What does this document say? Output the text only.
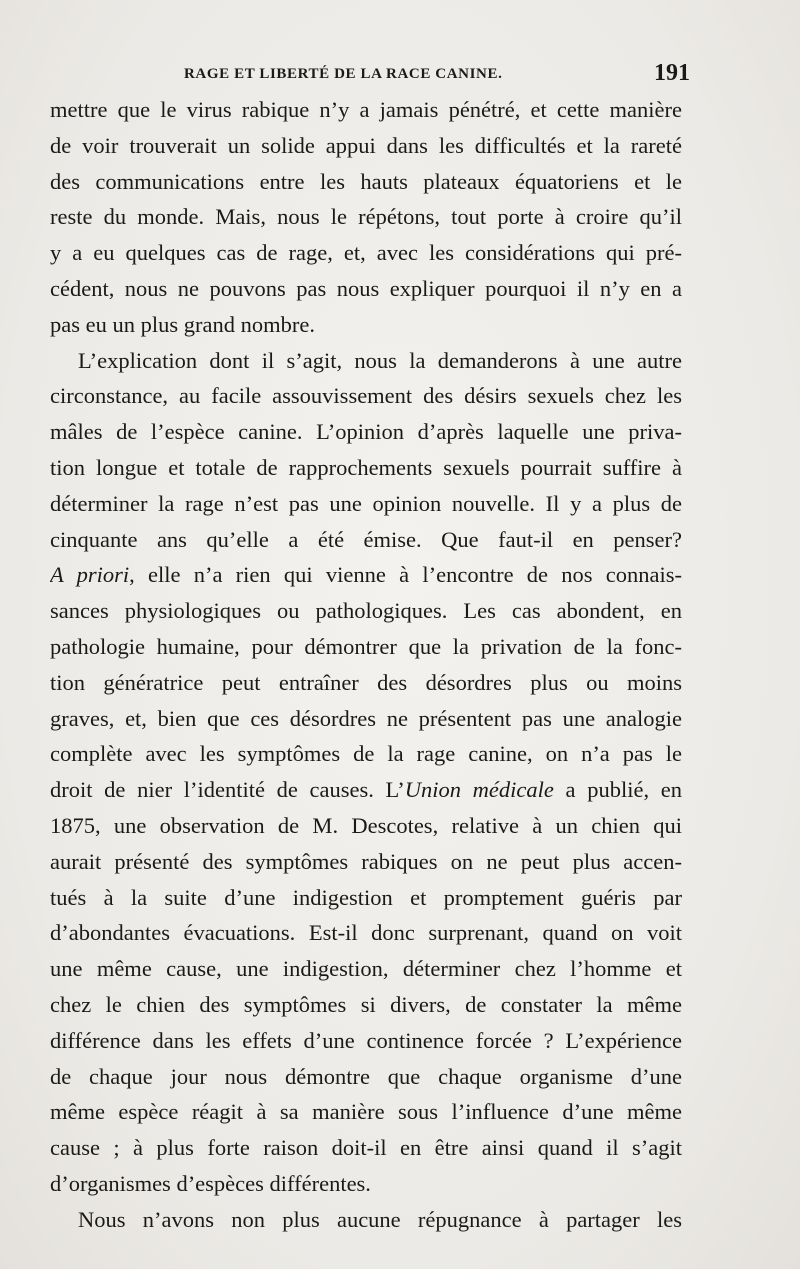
RAGE ET LIBERTÉ DE LA RACE CANINE.	191
mettre que le virus rabique n’y a jamais pénétré, et cette manière
de voir trouverait un solide appui dans les difficultés et la rareté
des communications entre les hauts plateaux équatoriens et le
reste du monde. Mais, nous le répétons, tout porte à croire qu’il
y a eu quelques cas de rage, et, avec les considérations qui pré-
cédent, nous ne pouvons pas nous expliquer pourquoi il n’y en a
pas eu un plus grand nombre.
L’explication dont il s’agit, nous la demanderons à une autre
circonstance, au facile assouvissement des désirs sexuels chez les
mâles de l’espèce canine. L’opinion d’après laquelle une priva-
tion longue et totale de rapprochements sexuels pourrait suffire à
déterminer la rage n’est pas une opinion nouvelle. Il y a plus de
cinquante ans qu’elle a été émise. Que faut-il en penser?
A priori, elle n’a rien qui vienne à l’encontre de nos connais-
sances physiologiques ou pathologiques. Les cas abondent, en
pathologie humaine, pour démontrer que la privation de la fonc-
tion génératrice peut entraîner des désordres plus ou moins
graves, et, bien que ces désordres ne présentent pas une analogie
complète avec les symptômes de la rage canine, on n’a pas le
droit de nier l’identité de causes. L’Union médicale a publié, en
1875, une observation de M. Descotes, relative à un chien qui
aurait présenté des symptômes rabiques on ne peut plus accen-
tués à la suite d’une indigestion et promptement guéris par
d’abondantes évacuations. Est-il donc surprenant, quand on voit
une même cause, une indigestion, déterminer chez l’homme et
chez le chien des symptômes si divers, de constater la même
différence dans les effets d’une continence forcée ? L’expérience
de chaque jour nous démontre que chaque organisme d’une
même espèce réagit à sa manière sous l’influence d’une même
cause ; à plus forte raison doit-il en être ainsi quand il s’agit
d’organismes d’espèces différentes.
Nous n’avons non plus aucune répugnance à partager les
